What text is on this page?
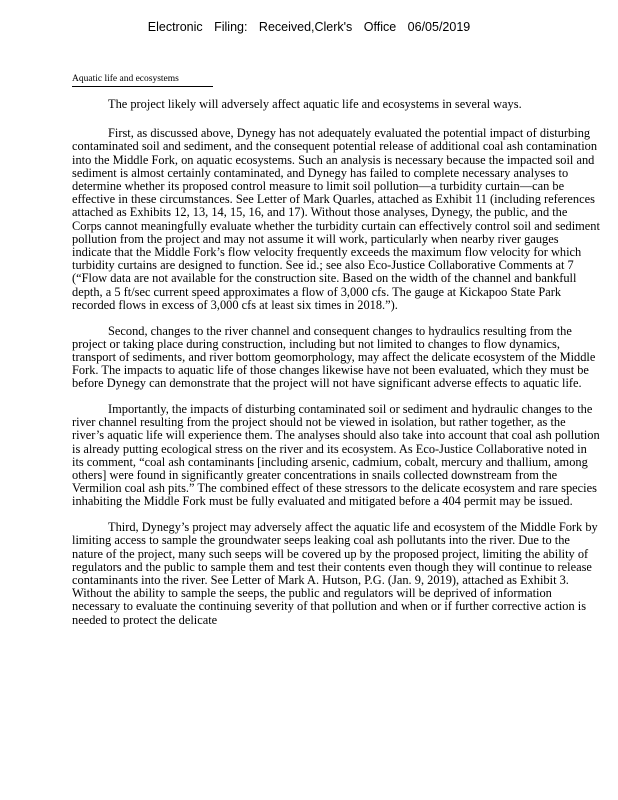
Electronic Filing: Received,Clerk's Office 06/05/2019
Aquatic life and ecosystems

The project likely will adversely affect aquatic life and ecosystems in several ways.

First, as discussed above, Dynegy has not adequately evaluated the potential impact of disturbing contaminated soil and sediment, and the consequent potential release of additional coal ash contamination into the Middle Fork, on aquatic ecosystems. Such an analysis is necessary because the impacted soil and sediment is almost certainly contaminated, and Dynegy has failed to complete necessary analyses to determine whether its proposed control measure to limit soil pollution—a turbidity curtain—can be effective in these circumstances. See Letter of Mark Quarles, attached as Exhibit 11 (including references attached as Exhibits 12, 13, 14, 15, 16, and 17). Without those analyses, Dynegy, the public, and the Corps cannot meaningfully evaluate whether the turbidity curtain can effectively control soil and sediment pollution from the project and may not assume it will work, particularly when nearby river gauges indicate that the Middle Fork’s flow velocity frequently exceeds the maximum flow velocity for which turbidity curtains are designed to function. See id.; see also Eco-Justice Collaborative Comments at 7 (“Flow data are not available for the construction site. Based on the width of the channel and bankfull depth, a 5 ft/sec current speed approximates a flow of 3,000 cfs. The gauge at Kickapoo State Park recorded flows in excess of 3,000 cfs at least six times in 2018.”).

Second, changes to the river channel and consequent changes to hydraulics resulting from the project or taking place during construction, including but not limited to changes to flow dynamics, transport of sediments, and river bottom geomorphology, may affect the delicate ecosystem of the Middle Fork. The impacts to aquatic life of those changes likewise have not been evaluated, which they must be before Dynegy can demonstrate that the project will not have significant adverse effects to aquatic life.

Importantly, the impacts of disturbing contaminated soil or sediment and hydraulic changes to the river channel resulting from the project should not be viewed in isolation, but rather together, as the river’s aquatic life will experience them. The analyses should also take into account that coal ash pollution is already putting ecological stress on the river and its ecosystem. As Eco-Justice Collaborative noted in its comment, “coal ash contaminants [including arsenic, cadmium, cobalt, mercury and thallium, among others] were found in significantly greater concentrations in snails collected downstream from the Vermilion coal ash pits.” The combined effect of these stressors to the delicate ecosystem and rare species inhabiting the Middle Fork must be fully evaluated and mitigated before a 404 permit may be issued.

Third, Dynegy’s project may adversely affect the aquatic life and ecosystem of the Middle Fork by limiting access to sample the groundwater seeps leaking coal ash pollutants into the river. Due to the nature of the project, many such seeps will be covered up by the proposed project, limiting the ability of regulators and the public to sample them and test their contents even though they will continue to release contaminants into the river. See Letter of Mark A. Hutson, P.G. (Jan. 9, 2019), attached as Exhibit 3. Without the ability to sample the seeps, the public and regulators will be deprived of information necessary to evaluate the continuing severity of that pollution and when or if further corrective action is needed to protect the delicate
